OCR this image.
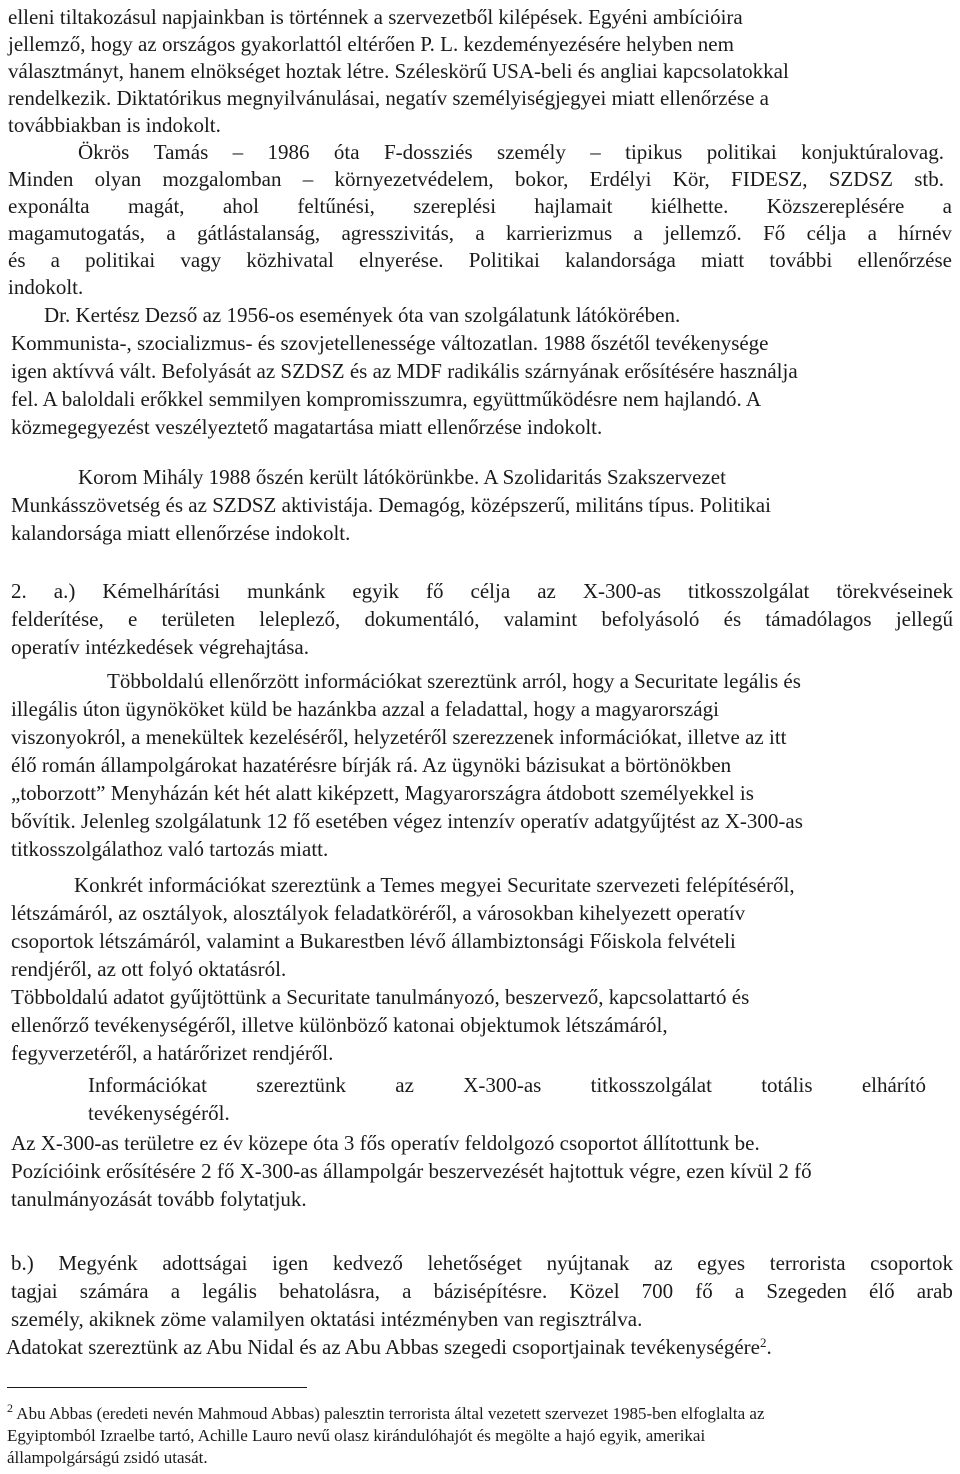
elleni tiltakozásul napjainkban is történnek a szervezetből kilépések. Egyéni ambícióira
jellemző, hogy az országos gyakorlattól eltérően P. L. kezdeményezésére helyben nem
választmányt, hanem elnökséget hoztak létre. Széleskörű USA-beli és angliai kapcsolatokkal
rendelkezik. Diktatórikus megnyilvánulásai, negatív személyiségjegyei miatt ellenőrzése a
továbbiakban is indokolt.
Ökrös Tamás – 1986 óta F-dossziés személy – tipikus politikai konjuktúralovag.
Minden olyan mozgalomban – környezetvédelem, bokor, Erdélyi Kör, FIDESZ, SZDSZ stb.
exponálta magát, ahol feltűnési, szereplési hajlamait kiélhette. Közszereplésére a
magamutogatás, a gátlástalanság, agresszivitás, a karrierizmus a jellemző. Fő célja a hírnév
és a politikai vagy közhivatal elnyerése. Politikai kalandorsága miatt további ellenőrzése
indokolt.
Dr. Kertész Dezső az 1956-os események óta van szolgálatunk látókörében.
Kommunista-, szocializmus- és szovjetellenessége változatlan. 1988 őszétől tevékenysége
igen aktívvá vált. Befolyását az SZDSZ és az MDF radikális szárnyának erősítésére használja
fel. A baloldali erőkkel semmilyen kompromisszumra, együttműködésre nem hajlandó. A
közmegegyezést veszélyeztető magatartása miatt ellenőrzése indokolt.
Korom Mihály 1988 őszén került látókörünkbe. A Szolidaritás Szakszervezet
Munkásszövetség és az SZDSZ aktivistája. Demagóg, középszerű, militáns típus. Politikai
kalandorsága miatt ellenőrzése indokolt.
2. a.) Kémelhárítási munkánk egyik fő célja az X-300-as titkosszolgálat törekvéseinek
felderítése, e területen leleplező, dokumentáló, valamint befolyásoló és támadólagos jellegű
operatív intézkedések végrehajtása.
Többoldalú ellenőrzött információkat szereztünk arról, hogy a Securitate legális és
illegális úton ügynököket küld be hazánkba azzal a feladattal, hogy a magyarországi
viszonyokról, a menekültek kezeléséről, helyzetéről szerezzenek információkat, illetve az itt
élő román állampolgárokat hazatérésre bírják rá. Az ügynöki bázisukat a börtönökben
„toborzott” Menyházán két hét alatt kiképzett, Magyarországra átdobott személyekkel is
bővítik. Jelenleg szolgálatunk 12 fő esetében végez intenzív operatív adatgyűjtést az X-300-as
titkosszolgálathoz való tartozás miatt.
Konkrét információkat szereztünk a Temes megyei Securitate szervezeti felépítéséről,
létszámáról, az osztályok, alosztályok feladatköréről, a városokban kihelyezett operatív
csoportok létszámáról, valamint a Bukarestben lévő állambiztonsági Főiskola felvételi
rendjéről, az ott folyó oktatásról.
Többoldalú adatot gyűjtöttünk a Securitate tanulmányozó, beszervező, kapcsolattartó és
ellenőrző tevékenységéről, illetve különböző katonai objektumok létszámáról,
fegyverzetéről, a határőrizet rendjéről.
Információkat szereztünk az X-300-as titkosszolgálat totális elhárító
tevékenységéről.
Az X-300-as területre ez év közepe óta 3 fős operatív feldolgozó csoportot állítottunk be.
Pozícióink erősítésére 2 fő X-300-as állampolgár beszervezését hajtottuk végre, ezen kívül 2 fő
tanulmányozását tovább folytatjuk.
b.) Megyénk adottságai igen kedvező lehetőséget nyújtanak az egyes terrorista csoportok
tagjai számára a legális behatolásra, a bázisépítésre. Közel 700 fő a Szegeden élő arab
személy, akiknek zöme valamilyen oktatási intézményben van regisztrálva.
Adatokat szereztünk az Abu Nidal és az Abu Abbas szegedi csoportjainak tevékenységére$^2$.
$^2$ Abu Abbas (eredeti nevén Mahmoud Abbas) palesztin terrorista által vezetett szervezet 1985-ben elfoglalta az
Egyiptomból Izraelbe tartó, Achille Lauro nevű olasz kirándulóhajót és megölte a hajó egyik, amerikai
állampolgárságú zsidó utasát.
